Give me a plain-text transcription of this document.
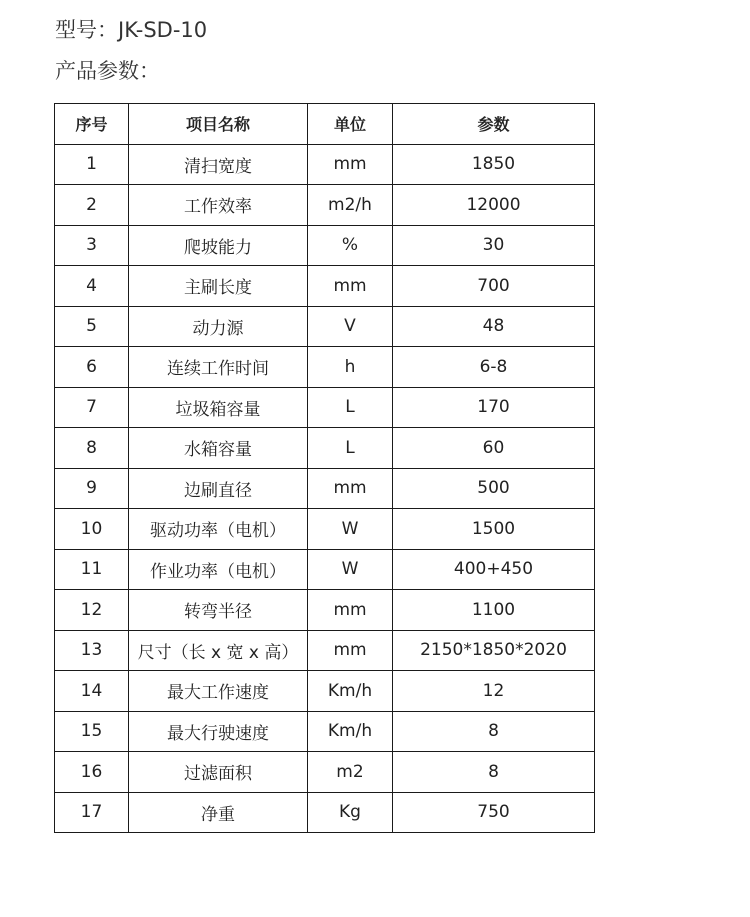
型号：JK-SD-10
产品参数：
序号	项目名称	单位	参数
1	清扫宽度	mm	1850
2	工作效率	m2/h	12000
3	爬坡能力	%	30
4	主刷长度	mm	700
5	动力源	V	48
6	连续工作时间	h	6-8
7	垃圾箱容量	L	170
8	水箱容量	L	60
9	边刷直径	mm	500
10	驱动功率（电机）	W	1500
11	作业功率（电机）	W	400+450
12	转弯半径	mm	1100
13	尺寸（长 x 宽 x 高）	mm	2150*1850*2020
14	最大工作速度	Km/h	12
15	最大行驶速度	Km/h	8
16	过滤面积	m2	8
17	净重	Kg	750
